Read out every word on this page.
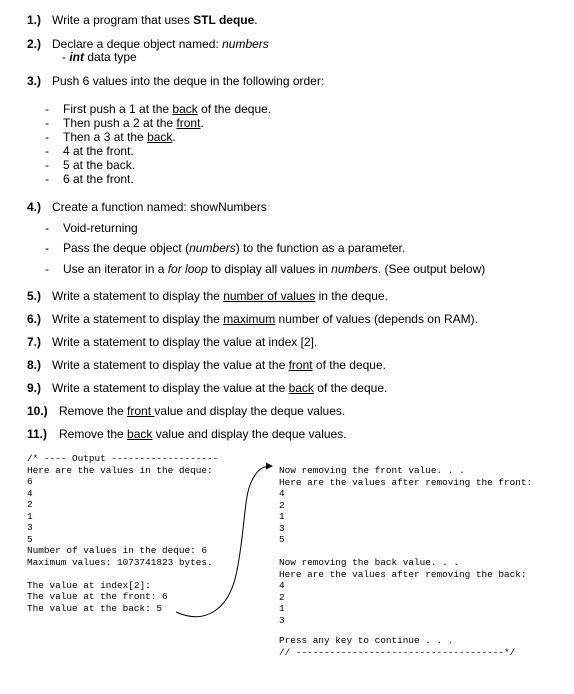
1.) Write a program that uses STL deque.
2.) Declare a deque object named: numbers
- int data type
3.) Push 6 values into the deque in the following order:
4.) Create a function named: showNumbers
5.) Write a statement to display the number of values in the deque.
6.) Write a statement to display the maximum number of values (depends on RAM).
7.) Write a statement to display the value at index [2].
8.) Write a statement to display the value at the front of the deque.
9.) Write a statement to display the value at the back of the deque.
10.) Remove the front value and display the deque values.
11.) Remove the back value and display the deque values.
- First push a 1 at the back of the deque.
- Then push a 2 at the front.
- Then a 3 at the back.
- 4 at the front.
- 5 at the back.
- 6 at the front.
- Void-returning
- Pass the deque object (numbers) to the function as a parameter.
- Use an iterator in a for loop to display all values in numbers. (See output below)
/* ---- Output -------------------
Here are the values in the deque:
6
4
2
1
3
5
Number of values in the deque: 6
Maximum values: 1073741823 bytes.

The value at index[2]:
The value at the front: 6
The value at the back: 5
Now removing the front value. . .
Here are the values after removing the front:
4
2
1
3
5
Now removing the back value. . .
Here are the values after removing the back:
4
2
1
3
Press any key to continue . . .
// -------------------------------------*/
